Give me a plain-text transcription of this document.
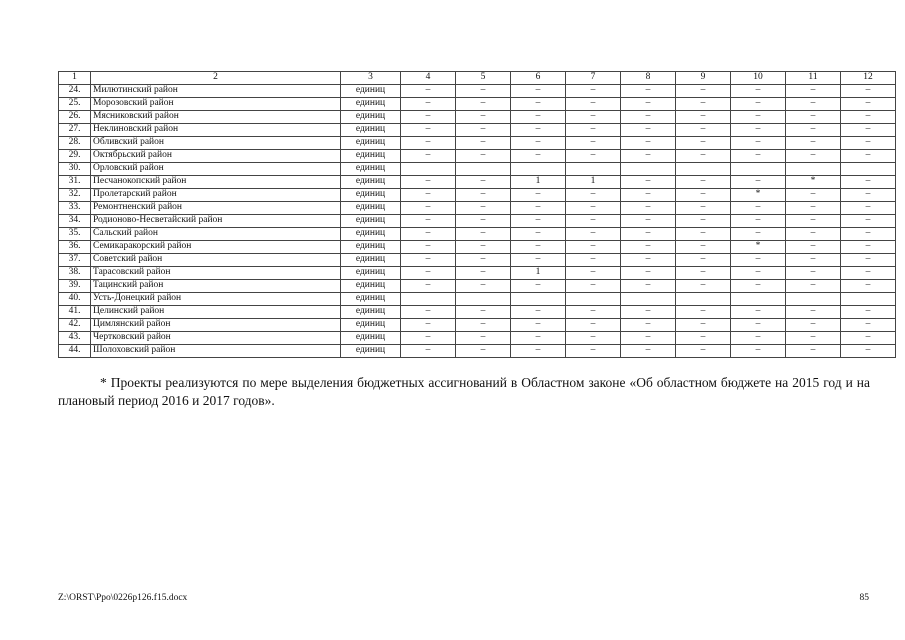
1	2	3	4	5	6	7	8	9	10	11	12
24.	Милютинский район	единиц	–	–	–	–	–	–	–	–	–
25.	Морозовский район	единиц	–	–	–	–	–	–	–	–	–
26.	Мясниковский район	единиц	–	–	–	–	–	–	–	–	–
27.	Неклиновский район	единиц	–	–	–	–	–	–	–	–	–
28.	Обливский район	единиц	–	–	–	–	–	–	–	–	–
29.	Октябрьский район	единиц	–	–	–	–	–	–	–	–	–
30.	Орловский район	единиц									
31.	Песчанокопский район	единиц	–	–	1	1	–	–	–	*	–
32.	Пролетарский район	единиц	–	–	–	–	–	–	*	–	–
33.	Ремонтненский район	единиц	–	–	–	–	–	–	–	–	–
34.	Родионово-Несветайский район	единиц	–	–	–	–	–	–	–	–	–
35.	Сальский район	единиц	–	–	–	–	–	–	–	–	–
36.	Семикаракорский район	единиц	–	–	–	–	–	–	*	–	–
37.	Советский район	единиц	–	–	–	–	–	–	–	–	–
38.	Тарасовский район	единиц	–	–	1	–	–	–	–	–	–
39.	Тацинский район	единиц	–	–	–	–	–	–	–	–	–
40.	Усть-Донецкий район	единиц									
41.	Целинский район	единиц	–	–	–	–	–	–	–	–	–
42.	Цимлянский район	единиц	–	–	–	–	–	–	–	–	–
43.	Чертковский район	единиц	–	–	–	–	–	–	–	–	–
44.	Шолоховский район	единиц	–	–	–	–	–	–	–	–	–

* Проекты реализуются по мере выделения бюджетных ассигнований в Областном законе «Об областном бюджете на 2015 год и на плановый период 2016 и 2017 годов».

Z:\ORST\Ppo\0226p126.f15.docx	85
